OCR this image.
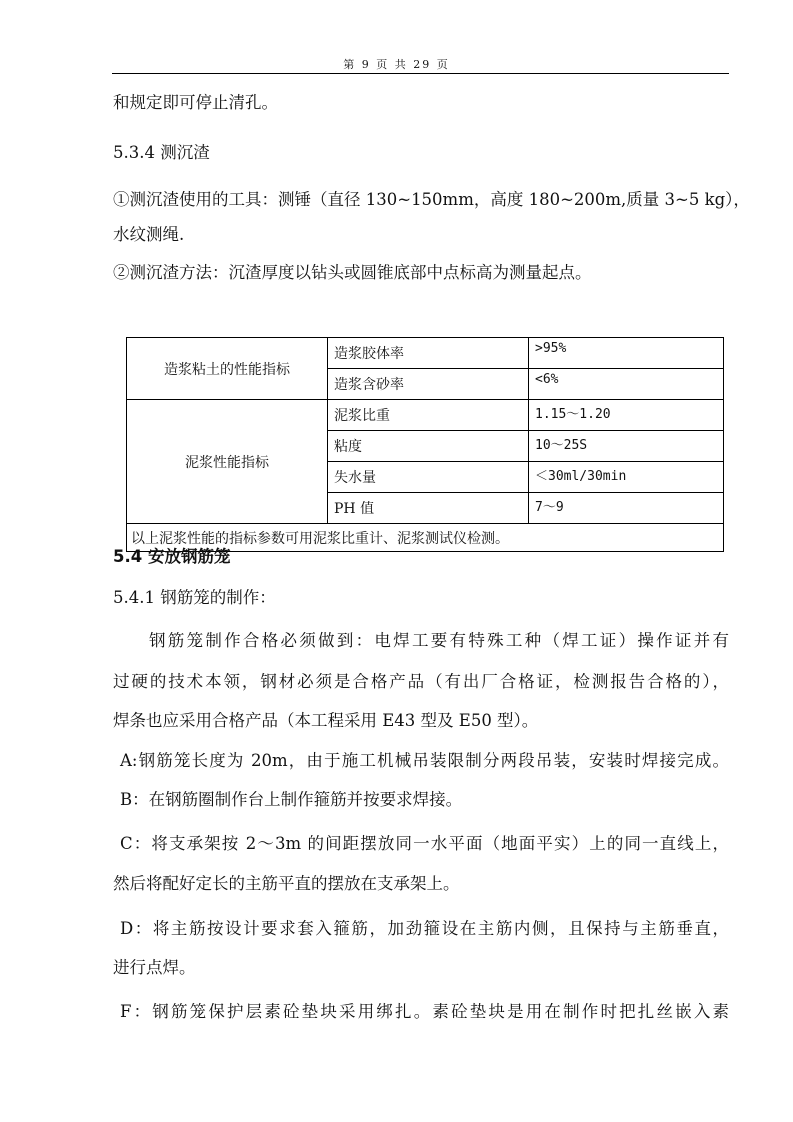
第 9 页 共 29 页
和规定即可停止清孔。
5.3.4 测沉渣
①测沉渣使用的工具：测锤（直径 130~150mm，高度 180~200m,质量 3~5 kg），
水纹测绳.
②测沉渣方法：沉渣厚度以钻头或圆锥底部中点标高为测量起点。
造浆粘土的性能指标	造浆胶体率	>95%
	造浆含砂率	<6%
泥浆性能指标	泥浆比重	1.15～1.20
	粘度	10～25S
	失水量	＜30ml/30min
	PH 值	7～9
以上泥浆性能的指标参数可用泥浆比重计、泥浆测试仪检测。		
5.4 安放钢筋笼
5.4.1 钢筋笼的制作：
钢筋笼制作合格必须做到：电焊工要有特殊工种（焊工证）操作证并有
过硬的技术本领，钢材必须是合格产品（有出厂合格证，检测报告合格的），
焊条也应采用合格产品（本工程采用 E43 型及 E50 型）。
A:钢筋笼长度为 20m，由于施工机械吊装限制分两段吊装，安装时焊接完成。
B：在钢筋圈制作台上制作箍筋并按要求焊接。
C：将支承架按 2～3m 的间距摆放同一水平面（地面平实）上的同一直线上，
然后将配好定长的主筋平直的摆放在支承架上。
D：将主筋按设计要求套入箍筋，加劲箍设在主筋内侧，且保持与主筋垂直，
进行点焊。
F：钢筋笼保护层素砼垫块采用绑扎。素砼垫块是用在制作时把扎丝嵌入素
